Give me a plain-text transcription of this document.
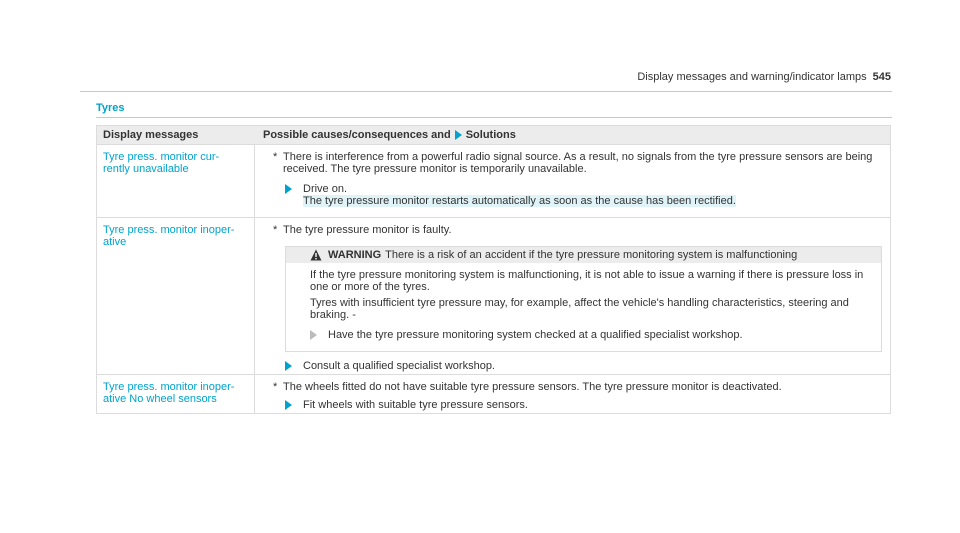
Display messages and warning/indicator lamps 545
Tyres
Display messages	Possible causes/consequences and Solutions
Tyre press. monitor cur- rently unavailable
* There is interference from a powerful radio signal source. As a result, no signals from the tyre pressure sensors are being received. The tyre pressure monitor is temporarily unavailable.
Drive on.
The tyre pressure monitor restarts automatically as soon as the cause has been rectified.
Tyre press. monitor inoper- ative
* The tyre pressure monitor is faulty.
WARNING There is a risk of an accident if the tyre pressure monitoring system is malfunctioning

If the tyre pressure monitoring system is malfunctioning, it is not able to issue a warning if there is pressure loss in one or more of the tyres.

Tyres with insufficient tyre pressure may, for example, affect the vehicle's handling characteristics, steering and braking. -

Have the tyre pressure monitoring system checked at a qualified specialist workshop.
Consult a qualified specialist workshop.
Tyre press. monitor inoper- ative No wheel sensors
* The wheels fitted do not have suitable tyre pressure sensors. The tyre pressure monitor is deactivated.
Fit wheels with suitable tyre pressure sensors.
